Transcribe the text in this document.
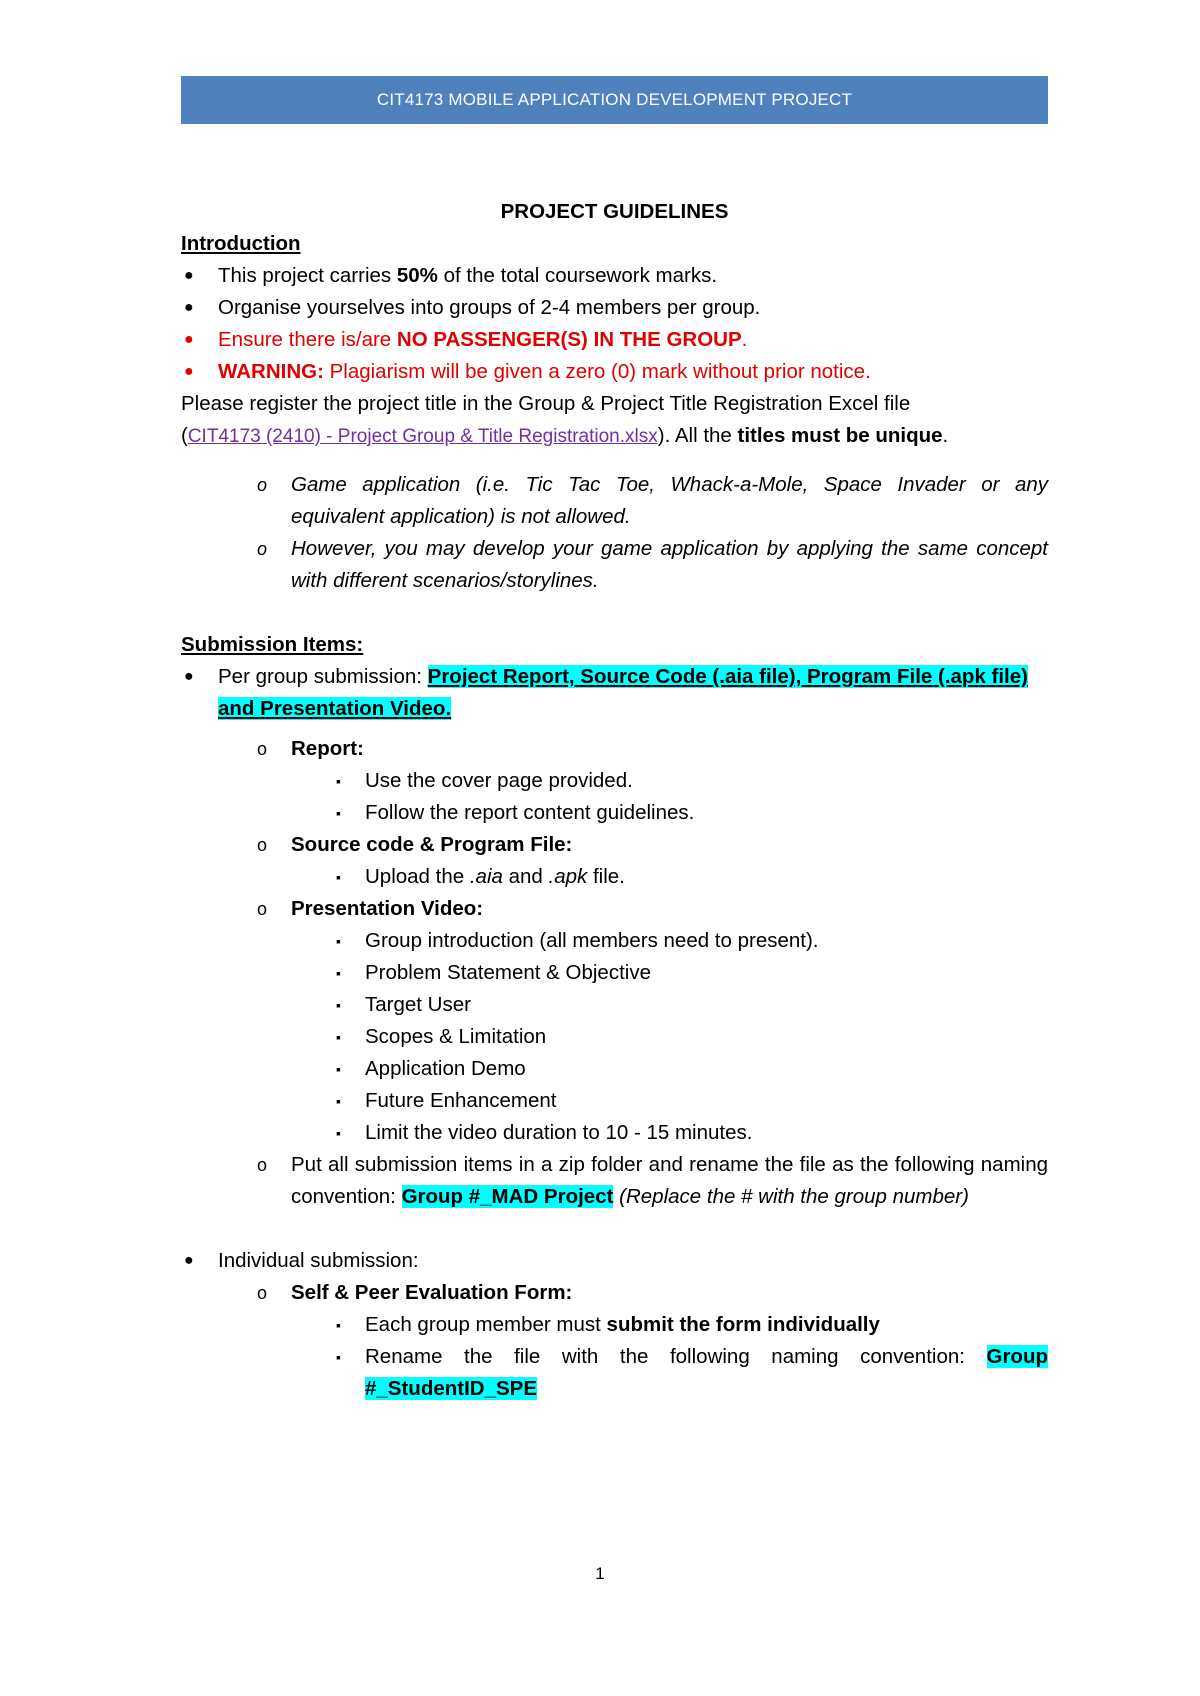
CIT4173 MOBILE APPLICATION DEVELOPMENT PROJECT

PROJECT GUIDELINES

Introduction

● This project carries 50% of the total coursework marks.
● Organise yourselves into groups of 2-4 members per group.
● Ensure there is/are NO PASSENGER(S) IN THE GROUP.
● WARNING: Plagiarism will be given a zero (0) mark without prior notice.

Please register the project title in the Group & Project Title Registration Excel file
(CIT4173 (2410) - Project Group & Title Registration.xlsx). All the titles must be unique.

o Game application (i.e. Tic Tac Toe, Whack-a-Mole, Space Invader or any equivalent application) is not allowed.
o However, you may develop your game application by applying the same concept with different scenarios/storylines.

Submission Items:

● Per group submission: Project Report, Source Code (.aia file), Program File (.apk file) and Presentation Video.
o Report:
▪ Use the cover page provided.
▪ Follow the report content guidelines.
o Source code & Program File:
▪ Upload the .aia and .apk file.
o Presentation Video:
▪ Group introduction (all members need to present).
▪ Problem Statement & Objective
▪ Target User
▪ Scopes & Limitation
▪ Application Demo
▪ Future Enhancement
▪ Limit the video duration to 10 - 15 minutes.
o Put all submission items in a zip folder and rename the file as the following naming convention: Group #_MAD Project (Replace the # with the group number)
● Individual submission:
o Self & Peer Evaluation Form:
▪ Each group member must submit the form individually
▪ Rename the file with the following naming convention: Group #_StudentID_SPE
1
